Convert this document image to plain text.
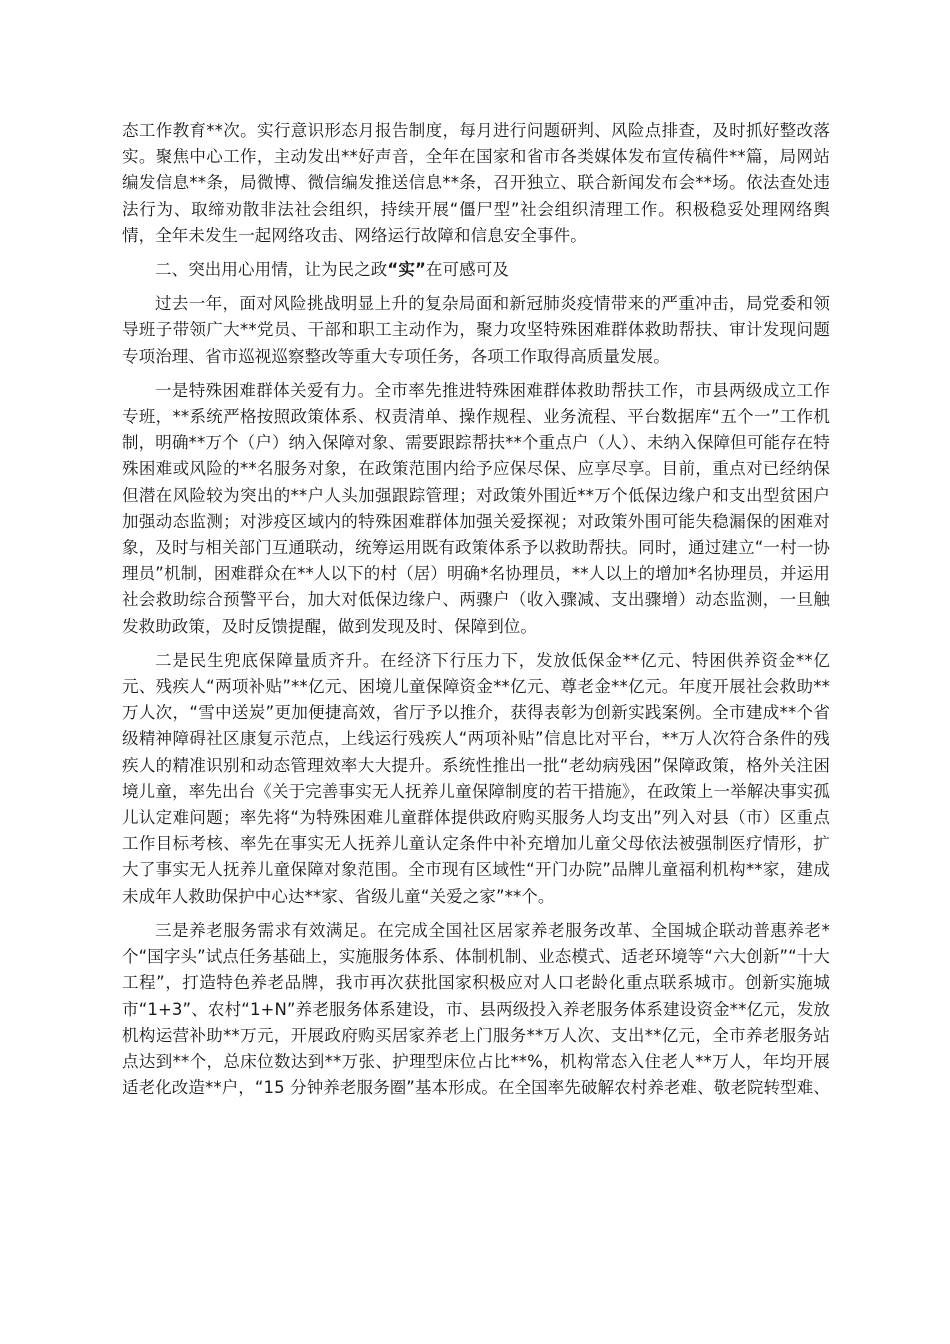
态工作教育**次。实行意识形态月报告制度，每月进行问题研判、风险点排查，及时抓好整改落实。聚焦中心工作，主动发出**好声音，全年在国家和省市各类媒体发布宣传稿件**篇，局网站编发信息**条，局微博、微信编发推送信息**条，召开独立、联合新闻发布会**场。依法查处违法行为、取缔劝散非法社会组织，持续开展“僵尸型”社会组织清理工作。积极稳妥处理网络舆情，全年未发生一起网络攻击、网络运行故障和信息安全事件。

二、突出用心用情，让为民之政“实”在可感可及

过去一年，面对风险挑战明显上升的复杂局面和新冠肺炎疫情带来的严重冲击，局党委和领导班子带领广大**党员、干部和职工主动作为，聚力攻坚特殊困难群体救助帮扶、审计发现问题专项治理、省市巡视巡察整改等重大专项任务，各项工作取得高质量发展。

一是特殊困难群体关爱有力。全市率先推进特殊困难群体救助帮扶工作，市县两级成立工作专班，**系统严格按照政策体系、权责清单、操作规程、业务流程、平台数据库“五个一”工作机制，明确**万个（户）纳入保障对象、需要跟踪帮扶**个重点户（人）、未纳入保障但可能存在特殊困难或风险的**名服务对象，在政策范围内给予应保尽保、应享尽享。目前，重点对已经纳保但潜在风险较为突出的**户人头加强跟踪管理；对政策外围近**万个低保边缘户和支出型贫困户加强动态监测；对涉疫区域内的特殊困难群体加强关爱探视；对政策外围可能失稳漏保的困难对象，及时与相关部门互通联动，统筹运用既有政策体系予以救助帮扶。同时，通过建立“一村一协理员”机制，困难群众在**人以下的村（居）明确*名协理员，**人以上的增加*名协理员，并运用社会救助综合预警平台，加大对低保边缘户、两骤户（收入骤减、支出骤增）动态监测，一旦触发救助政策，及时反馈提醒，做到发现及时、保障到位。

二是民生兜底保障量质齐升。在经济下行压力下，发放低保金**亿元、特困供养资金**亿元、残疾人“两项补贴”**亿元、困境儿童保障资金**亿元、尊老金**亿元。年度开展社会救助**万人次，“雪中送炭”更加便捷高效，省厅予以推介，获得表彰为创新实践案例。全市建成**个省级精神障碍社区康复示范点，上线运行残疾人“两项补贴”信息比对平台，**万人次符合条件的残疾人的精准识别和动态管理效率大大提升。系统性推出一批“老幼病残困”保障政策，格外关注困境儿童，率先出台《关于完善事实无人抚养儿童保障制度的若干措施》，在政策上一举解决事实孤儿认定难问题；率先将“为特殊困难儿童群体提供政府购买服务人均支出”列入对县（市）区重点工作目标考核、率先在事实无人抚养儿童认定条件中补充增加儿童父母依法被强制医疗情形，扩大了事实无人抚养儿童保障对象范围。全市现有区域性“开门办院”品牌儿童福利机构**家，建成未成年人救助保护中心达**家、省级儿童“关爱之家”**个。

三是养老服务需求有效满足。在完成全国社区居家养老服务改革、全国城企联动普惠养老*个“国字头”试点任务基础上，实施服务体系、体制机制、业态模式、适老环境等“六大创新”“十大工程”，打造特色养老品牌，我市再次获批国家积极应对人口老龄化重点联系城市。创新实施城市“1+3”、农村“1+N”养老服务体系建设，市、县两级投入养老服务体系建设资金**亿元，发放机构运营补助**万元，开展政府购买居家养老上门服务**万人次、支出**亿元，全市养老服务站点达到**个，总床位数达到**万张、护理型床位占比**%，机构常态入住老人**万人，年均开展适老化改造**户，“15 分钟养老服务圈”基本形成。在全国率先破解农村养老难、敬老院转型难、
